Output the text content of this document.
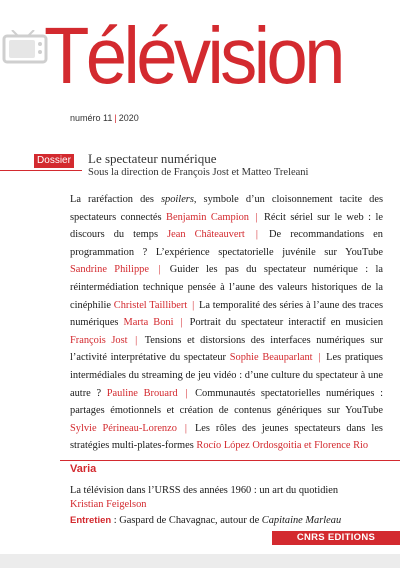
Télévision
numéro 11 | 2020
Dossier Le spectateur numérique
Sous la direction de François Jost et Matteo Treleani
La raréfaction des spoilers, symbole d’un cloisonnement tacite des spectateurs connectés Benjamin Campion | Récit sériel sur le web : le discours du temps Jean Châteauvert | De recommandations en programmation ? L’expérience spectatorielle juvénile sur YouTube Sandrine Philippe | Guider les pas du spectateur numérique : la réintermédiation technique pensée à l’aune des valeurs historiques de la cinéphilie Christel Taillibert | La temporalité des séries à l’aune des traces numériques Marta Boni | Portrait du spectateur interactif en musicien François Jost | Tensions et distorsions des interfaces numériques sur l’activité interprétative du spectateur Sophie Beauparlant | Les pratiques intermédiales du streaming de jeu vidéo : d’une culture du spectateur à une autre ? Pauline Brouard | Communautés spectatorielles numériques : partages émotionnels et création de contenus génériques sur YouTube Sylvie Périneau-Lorenzo | Les rôles des jeunes spectateurs dans les stratégies multi-plates-formes Rocío López Ordosgoitia et Florence Rio
Varia
La télévision dans l’URSS des années 1960 : un art du quotidien
Kristian Feigelson
Entretien : Gaspard de Chavagnac, autour de Capitaine Marleau
CNRS EDITIONS
